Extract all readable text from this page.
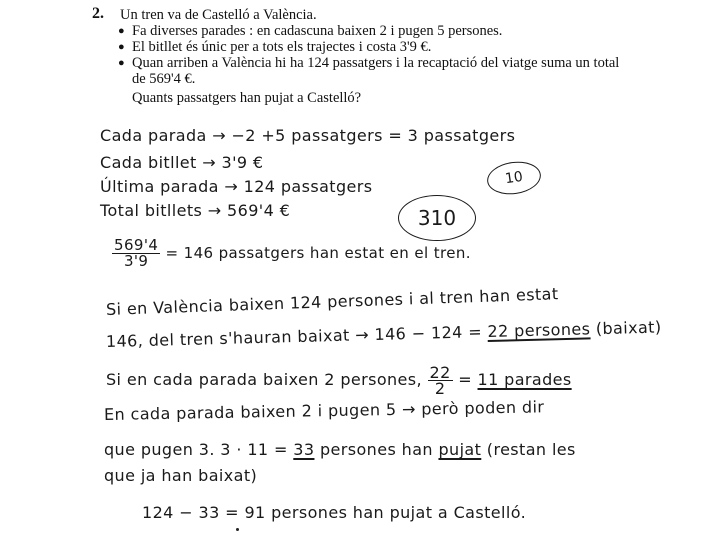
2. Un tren va de Castelló a València.
● Fa diverses parades : en cadascuna baixen 2 i pugen 5 persones.
● El bitllet és únic per a tots els trajectes i costa 3'9 €.
● Quan arriben a València hi ha 124 passatgers i la recaptació del viatge suma un total de 569'4 €.
Quants passatgers han pujat a Castelló?
Cada parada → −2 +5 passatgers = 3 passatgers
Cada bitllet → 3'9 €
Última parada → 124 passatgers
Total bitllets → 569'4 €
10
310
$\frac{569'4}{3'9} = 146$ passatgers han estat en el tren.
Si en València baixen 124 persones i al tren han estat
146, del tren s'hauran baixat → 146 − 124 = 22 persones (baixat)
Si en cada parada baixen 2 persones, $\frac{22}{2} = 11$ parades
En cada parada baixen 2 i pugen 5 → però poden dir
que pugen 3. 3 · 11 = 33 persones han pujat (restan les
que ja han baixat)
124 − 33 = 91 persones han pujat a Castelló.
